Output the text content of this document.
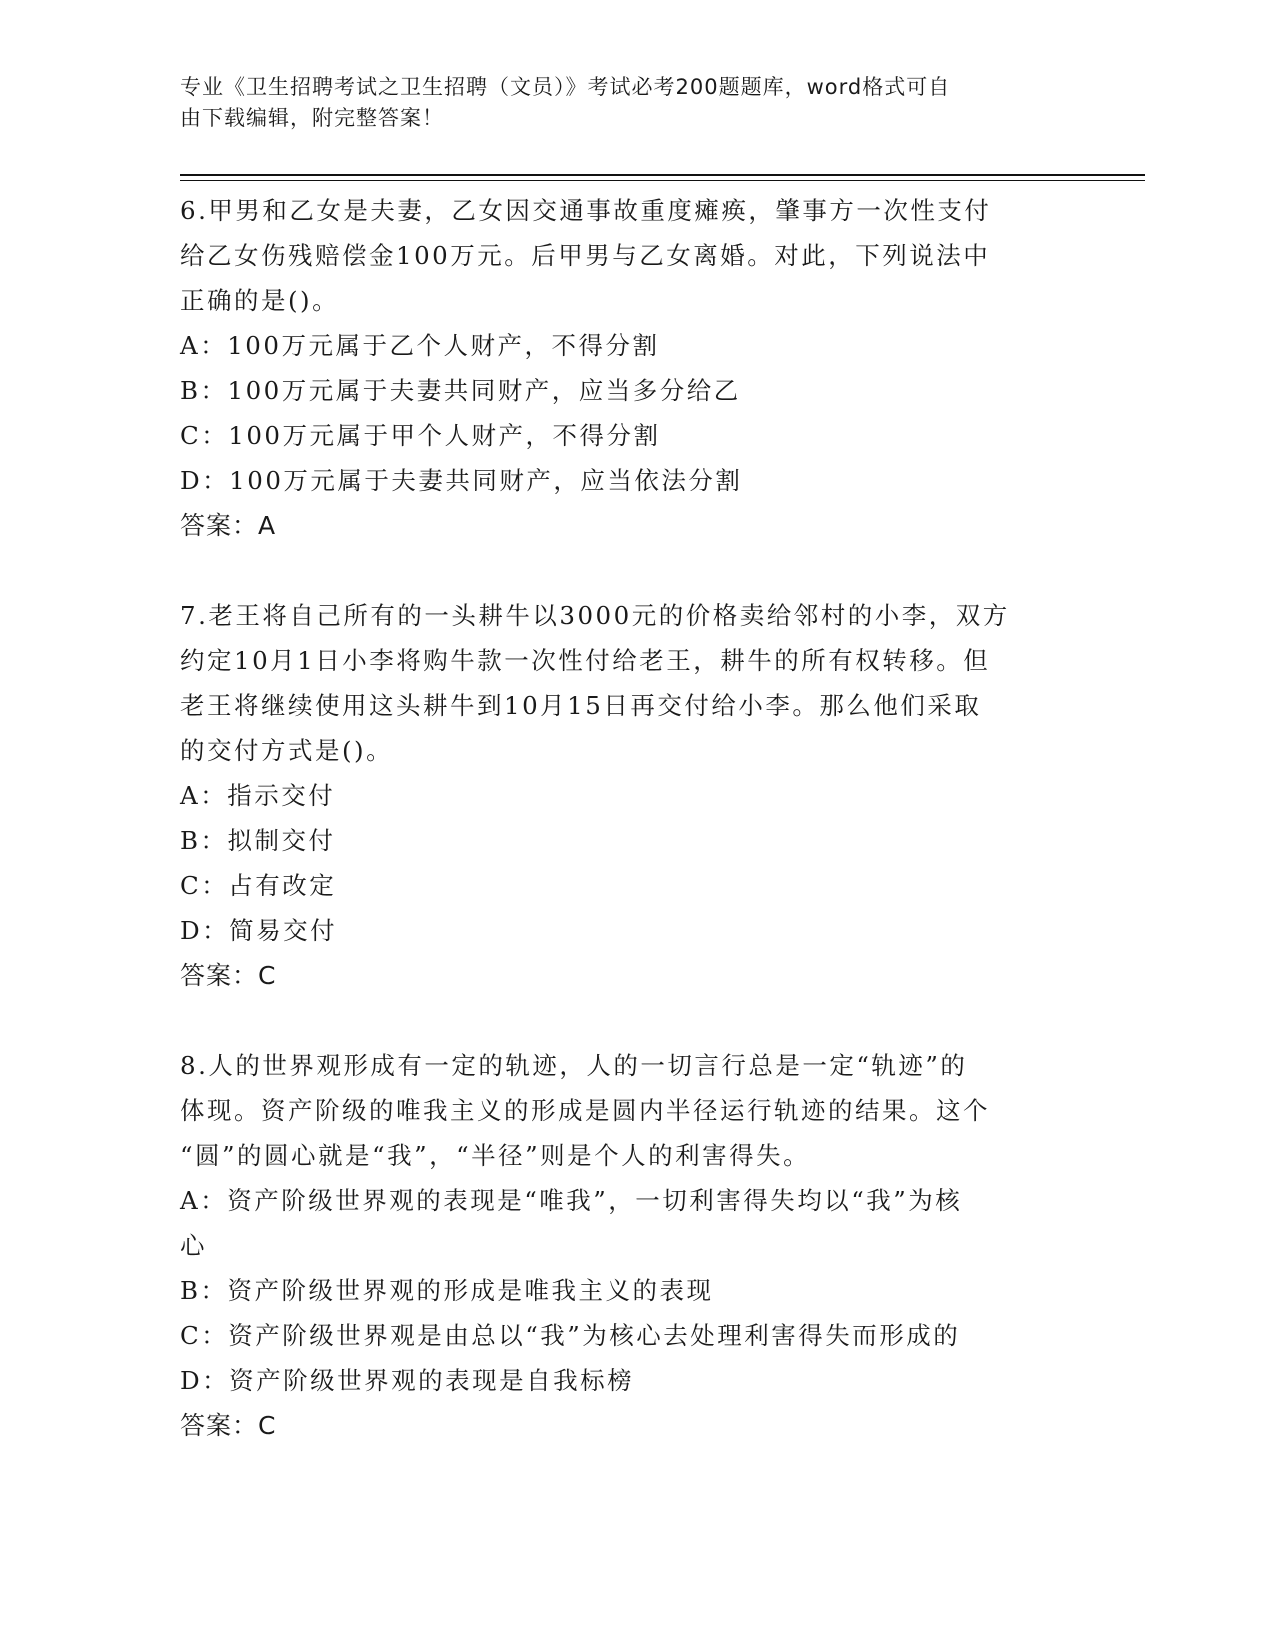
专业《卫生招聘考试之卫生招聘（文员）》考试必考200题题库，word格式可自
由下载编辑，附完整答案！
6.甲男和乙女是夫妻，乙女因交通事故重度瘫痪，肇事方一次性支付
给乙女伤残赔偿金100万元。后甲男与乙女离婚。对此，下列说法中
正确的是()。
A：100万元属于乙个人财产，不得分割
B：100万元属于夫妻共同财产，应当多分给乙
C：100万元属于甲个人财产，不得分割
D：100万元属于夫妻共同财产，应当依法分割
答案：A
7.老王将自己所有的一头耕牛以3000元的价格卖给邻村的小李，双方
约定10月1日小李将购牛款一次性付给老王，耕牛的所有权转移。但
老王将继续使用这头耕牛到10月15日再交付给小李。那么他们采取
的交付方式是()。
A：指示交付
B：拟制交付
C：占有改定
D：简易交付
答案：C
8.人的世界观形成有一定的轨迹，人的一切言行总是一定“轨迹”的
体现。资产阶级的唯我主义的形成是圆内半径运行轨迹的结果。这个
“圆”的圆心就是“我”，“半径”则是个人的利害得失。
A：资产阶级世界观的表现是“唯我”，一切利害得失均以“我”为核
心
B：资产阶级世界观的形成是唯我主义的表现
C：资产阶级世界观是由总以“我”为核心去处理利害得失而形成的
D：资产阶级世界观的表现是自我标榜
答案：C
